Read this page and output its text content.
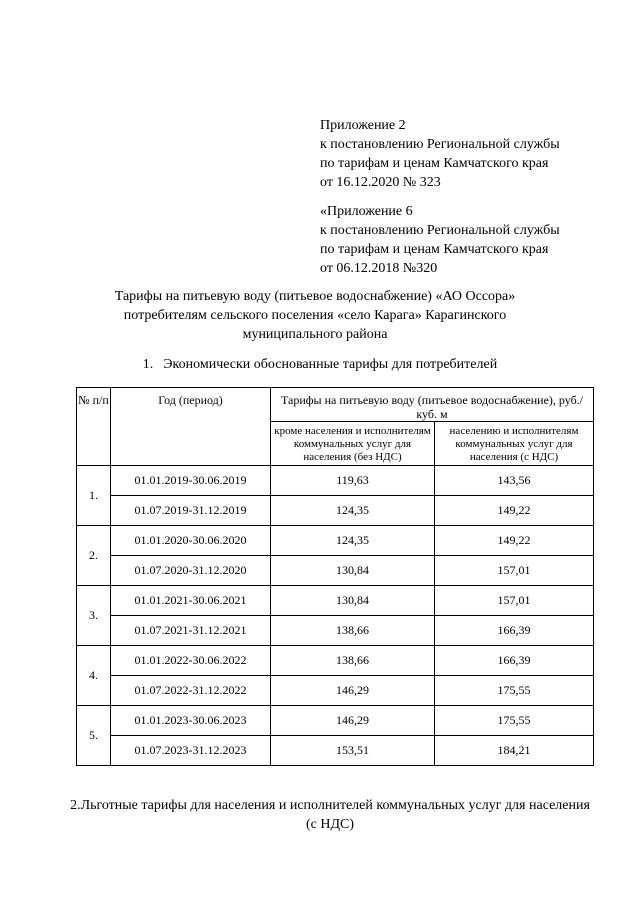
Приложение 2
к постановлению Региональной службы
по тарифам и ценам Камчатского края
от 16.12.2020 № 323
«Приложение 6
к постановлению Региональной службы
по тарифам и ценам Камчатского края
от 06.12.2018 №320
Тарифы на питьевую воду (питьевое водоснабжение) «АО Оссора» потребителям сельского поселения «село Карага» Карагинского муниципального района
1. Экономически обоснованные тарифы для потребителей
№ п/п	Год (период)	Тарифы на питьевую воду (питьевое водоснабжение), руб./куб. м	
		кроме населения и исполнителям коммунальных услуг для населения (без НДС)	населению и исполнителям коммунальных услуг для населения (с НДС)
1.	01.01.2019-30.06.2019	119,63	143,56
	01.07.2019-31.12.2019	124,35	149,22
2.	01.01.2020-30.06.2020	124,35	149,22
	01.07.2020-31.12.2020	130,84	157,01
3.	01.01.2021-30.06.2021	130,84	157,01
	01.07.2021-31.12.2021	138,66	166,39
4.	01.01.2022-30.06.2022	138,66	166,39
	01.07.2022-31.12.2022	146,29	175,55
5.	01.01.2023-30.06.2023	146,29	175,55
	01.07.2023-31.12.2023	153,51	184,21
2.Льготные тарифы для населения и исполнителей коммунальных услуг для населения (с НДС)
